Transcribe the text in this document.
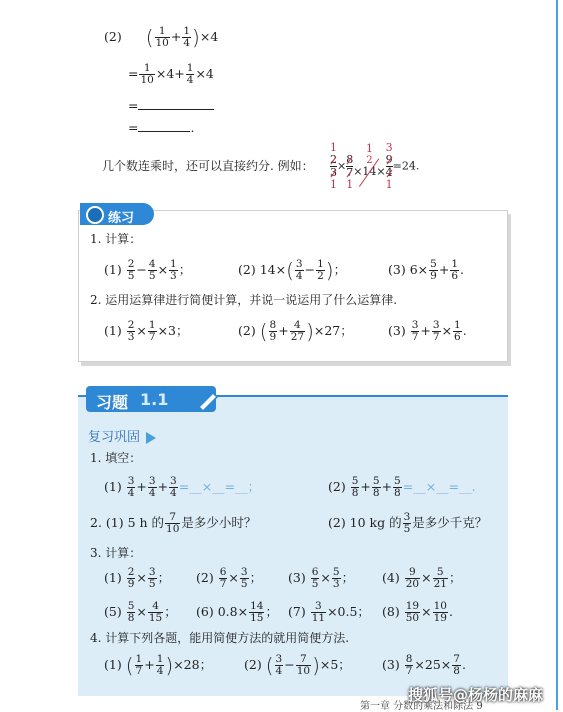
(2) ( $\frac{1}{10} + \frac{1}{4} )\times 4$
= $\frac{1}{10} \times 4+ \frac{1}{4} \times 4$
=
=	.
几个数连乘时，还可以直接约分. 例如：
1
2
3
1
×

8
7
1
1
2
×14×

3
9
4
1
=24.
练习
1. 计算：
$(1) \frac{2}{5} - \frac{4}{5} \times \frac{1}{3}$ ；	(2) $14\times( \frac{3}{4} - \frac{1}{2}$ )；	(3) $6\times \frac{5}{9} + \frac{1}{6}$ .
2. 运用运算律进行简便计算，并说一说运用了什么运算律.
$(1) \frac{2}{3} \times \frac{1}{7} \times 3$；	(2) ( $\frac{8}{9} + \frac{4}{27} )\times 27$；	$(3) \frac{3}{7} + \frac{3}{7} \times \frac{1}{6}$ .
习题 1.1
复习巩固
1. 填空：
$(1) \frac{3}{4} + \frac{3}{4} + \frac{3}{4}$ =__×__=__；	$(2) \frac{5}{8} + \frac{5}{8} + \frac{5}{8}$ =__×__=__.
2. (1) 5 h 的 $\frac{7}{10}$ 是多少小时？	(2) 10 kg 的 $\frac{3}{5}$ 是多少千克？
3. 计算：
$(1) \frac{2}{9} \times \frac{3}{5}$ ； $(2) \frac{6}{7} \times \frac{3}{5}$ ； $(3) \frac{6}{5} \times \frac{5}{3}$ ； $(4) \frac{9}{20} \times \frac{5}{21}$ ；
$(5) \frac{5}{8} \times \frac{4}{15}$ ； (6) $0.8\times \frac{14}{15}$ ； $(7) \frac{3}{11} \times 0.5$； $(8) \frac{19}{50} \times \frac{10}{19}$ .
4. 计算下列各题，能用简便方法的就用简便方法.
(1) ( $\frac{1}{7} + \frac{1}{4} )\times 28$；	(2) ( $\frac{3}{4} - \frac{7}{10} )\times 5$； $(3) \frac{8}{7} \times 25\times \frac{7}{8}$ .
第一章 分数的乘法和除法 9
搜狐号@杨杨的麻麻
